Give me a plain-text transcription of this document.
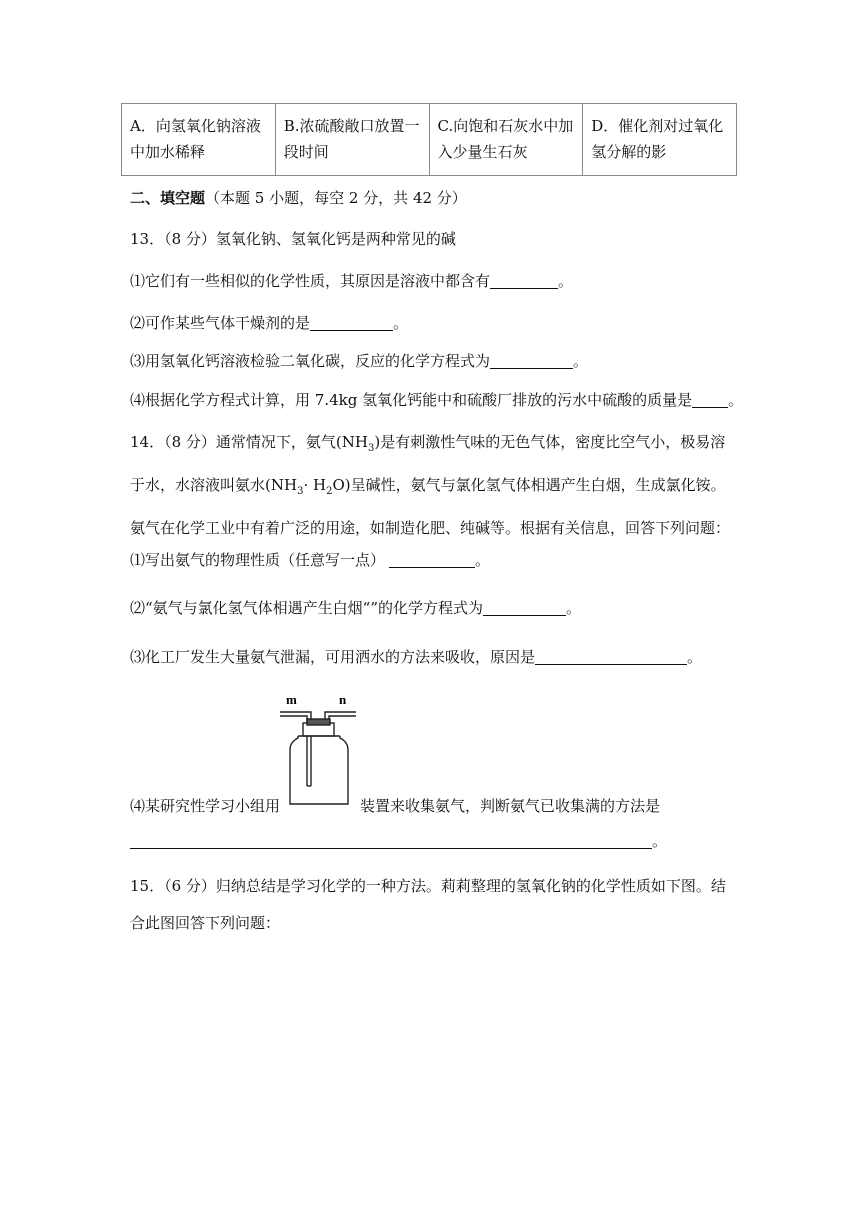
A．向氢氧化钠溶液中加水稀释	B.浓硫酸敞口放置一段时间	C.向饱和石灰水中加入少量生石灰	D．催化剂对过氧化氢分解的影
二、填空题（本题 5 小题，每空 2 分，共 42 分）
13．（8 分）氢氧化钠、氢氧化钙是两种常见的碱
⑴它们有一些相似的化学性质，其原因是溶液中都含有	。
⑵可作某些气体干燥剂的是	。
⑶用氢氧化钙溶液检验二氧化碳，反应的化学方程式为	。
⑷根据化学方程式计算，用 7.4kg 氢氧化钙能中和硫酸厂排放的污水中硫酸的质量是 。
14．（8 分）通常情况下，氨气$(NH_3)$是有刺激性气味的无色气体，密度比空气小，极易溶于水，水溶液叫氨水$(NH_3\cdot H_2O)$呈碱性，氨气与氯化氢气体相遇产生白烟，生成氯化铵。氨气在化学工业中有着广泛的用途，如制造化肥、纯碱等。根据有关信息，回答下列问题：
⑴写出氨气的物理性质（任意写一点）	。
⑵“氨气与氯化氢气体相遇产生白烟“”的化学方程式为	。
⑶化工厂发生大量氨气泄漏，可用洒水的方法来吸收，原因是	。
m	n
⑷某研究性学习小组用	装置来收集氨气，判断氨气已收集满的方法是
。
15．（6 分）归纳总结是学习化学的一种方法。莉莉整理的氢氧化钠的化学性质如下图。结合此图回答下列问题：
